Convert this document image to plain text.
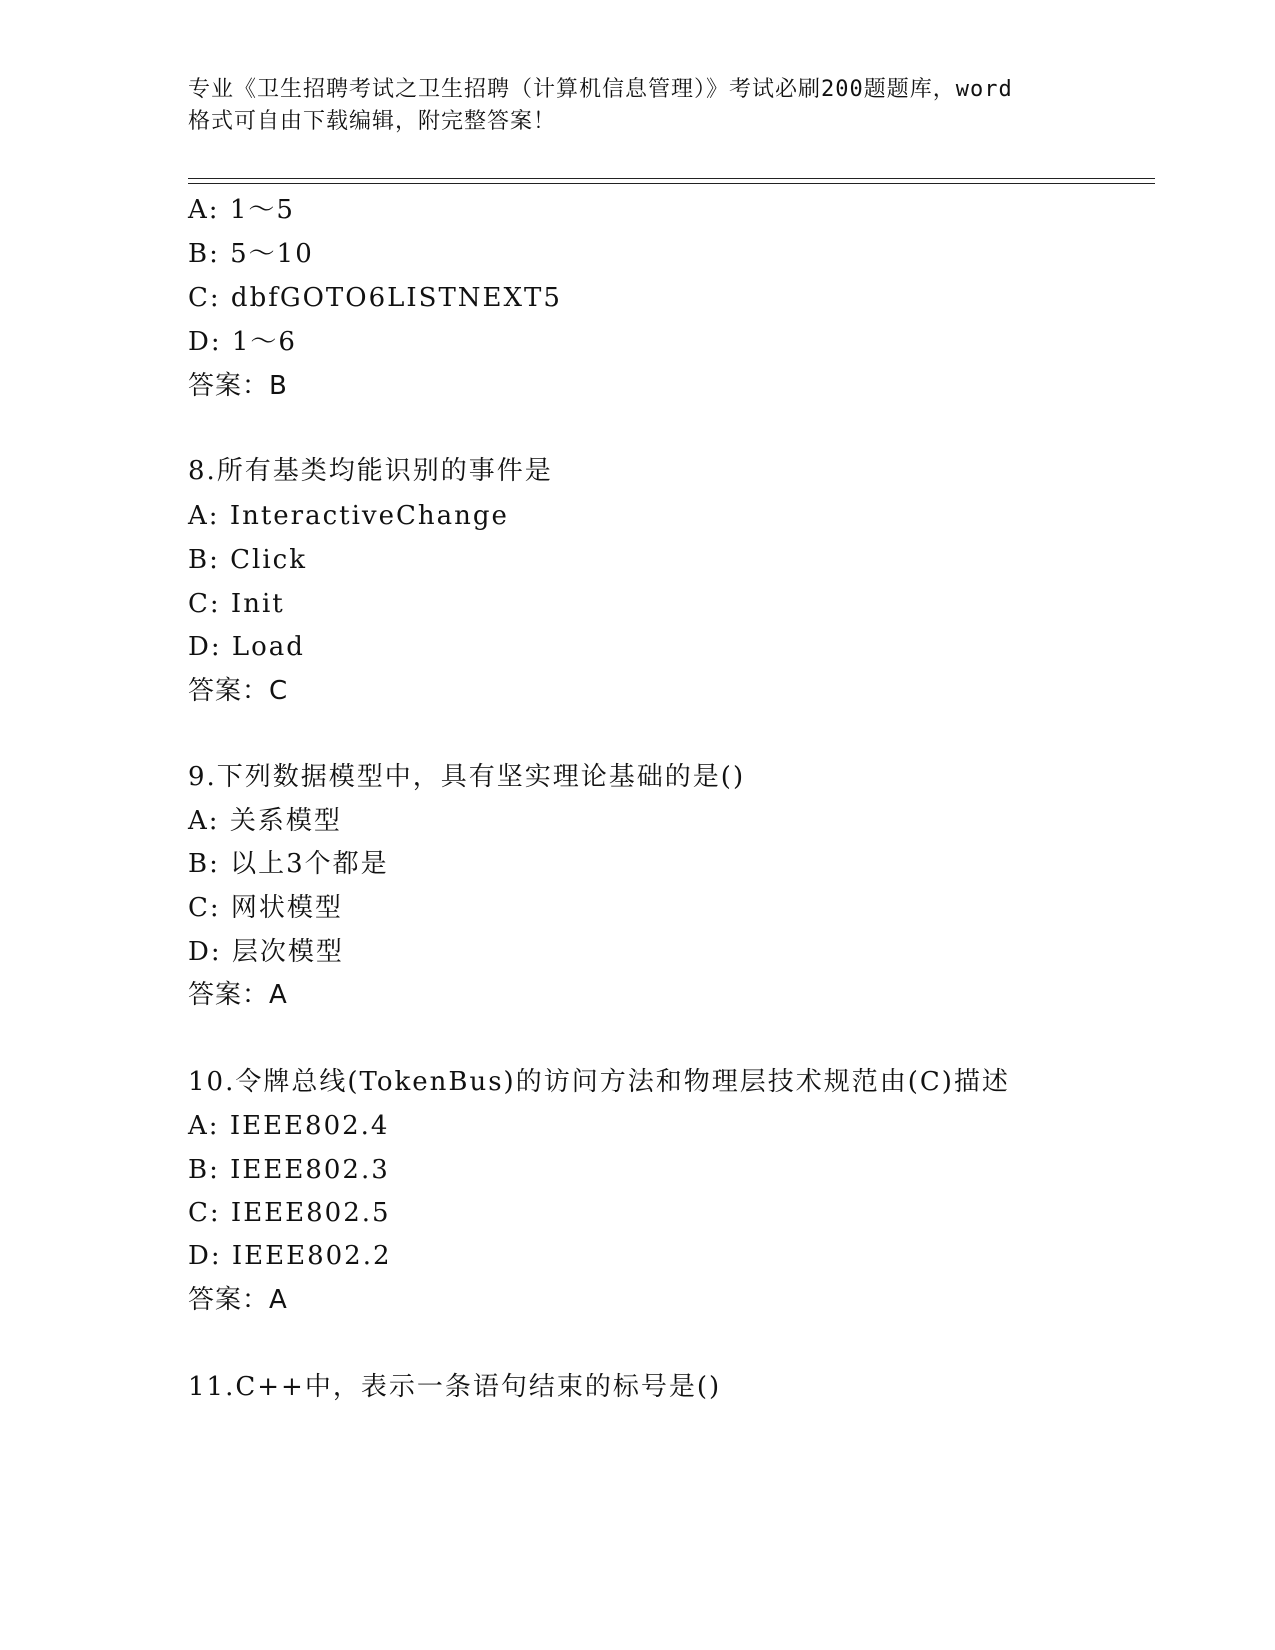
专业《卫生招聘考试之卫生招聘（计算机信息管理）》考试必刷200题题库，word
格式可自由下载编辑，附完整答案！
A: 1～5
B: 5～10
C: dbfGOTO6LISTNEXT5
D: 1～6
答案：B
8.所有基类均能识别的事件是
A: InteractiveChange
B: Click
C: Init
D: Load
答案：C
9.下列数据模型中，具有坚实理论基础的是()
A: 关系模型
B: 以上3个都是
C: 网状模型
D: 层次模型
答案：A
10.令牌总线(TokenBus)的访问方法和物理层技术规范由(C)描述
A: IEEE802.4
B: IEEE802.3
C: IEEE802.5
D: IEEE802.2
答案：A
11.C++中，表示一条语句结束的标号是()
